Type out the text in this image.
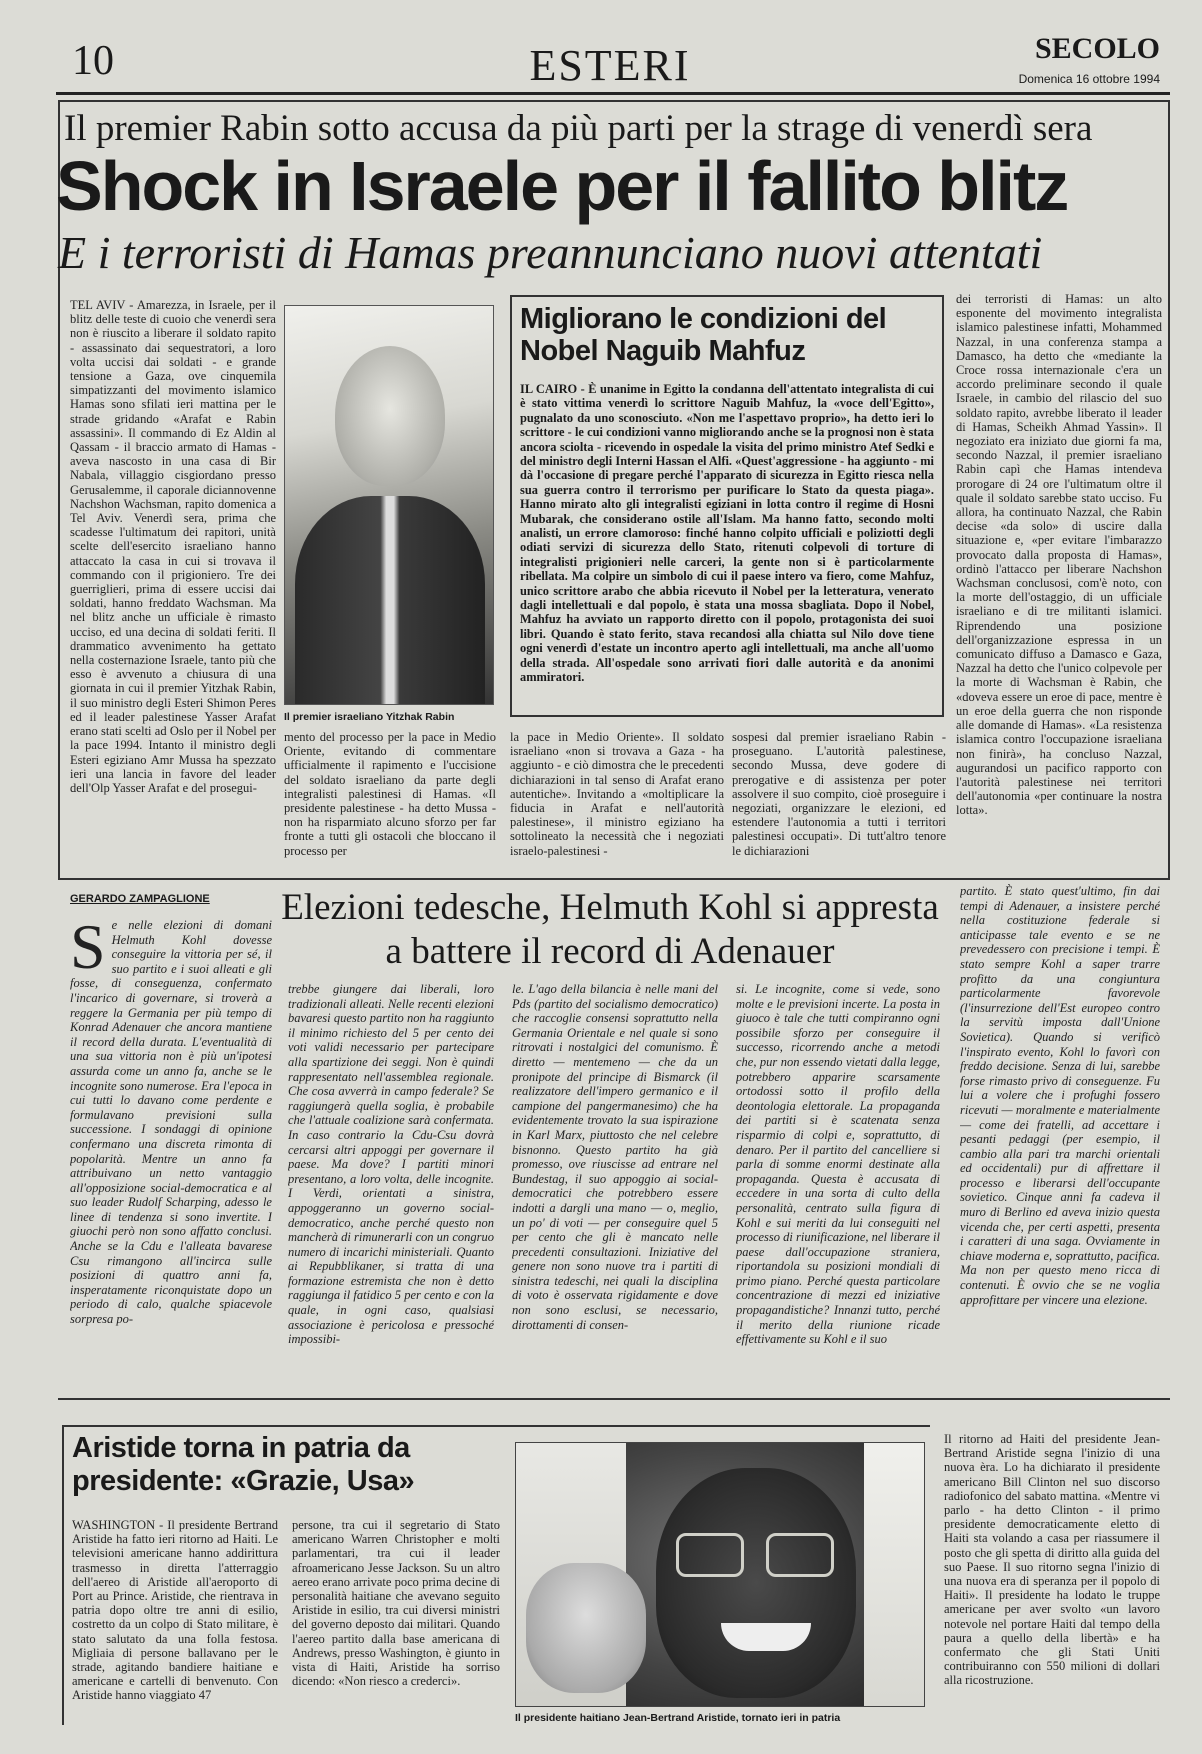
10	ESTERI	SECOLO
Domenica 16 ottobre 1994
Il premier Rabin sotto accusa da più parti per la strage di venerdì sera
Shock in Israele per il fallito blitz
E i terroristi di Hamas preannunciano nuovi attentati
TEL AVIV - Amarezza, in Israele, per il blitz delle teste di cuoio che venerdì sera non è riuscito a liberare il soldato rapito - assassinato dai sequestratori, a loro volta uccisi dai soldati - e grande tensione a Gaza, ove cinquemila simpatizzanti del movimento islamico Hamas sono sfilati ieri mattina per le strade gridando «Arafat e Rabin assassini». Il commando di Ez Aldin al Qassam - il braccio armato di Hamas - aveva nascosto in una casa di Bir Nabala, villaggio cisgiordano presso Gerusalemme, il caporale diciannovenne Nachshon Wachsman, rapito domenica a Tel Aviv. Venerdì sera, prima che scadesse l'ultimatum dei rapitori, unità scelte dell'esercito israeliano hanno attaccato la casa in cui si trovava il commando con il prigioniero. Tre dei guerriglieri, prima di essere uccisi dai soldati, hanno freddato Wachsman. Ma nel blitz anche un ufficiale è rimasto ucciso, ed una decina di soldati feriti. Il drammatico avvenimento ha gettato nella costernazione Israele, tanto più che esso è avvenuto a chiusura di una giornata in cui il premier Yitzhak Rabin, il suo ministro degli Esteri Shimon Peres ed il leader palestinese Yasser Arafat erano stati scelti ad Oslo per il Nobel per la pace 1994. Intanto il ministro degli Esteri egiziano Amr Mussa ha spezzato ieri una lancia in favore del leader dell'Olp Yasser Arafat e del prosegui-
Il premier israeliano Yitzhak Rabin
mento del processo per la pace in Medio Oriente, evitando di commentare ufficialmente il rapimento e l'uccisione del soldato israeliano da parte degli integralisti palestinesi di Hamas. «Il presidente palestinese - ha detto Mussa - non ha risparmiato alcuno sforzo per far fronte a tutti gli ostacoli che bloccano il processo per
la pace in Medio Oriente». Il soldato israeliano «non si trovava a Gaza - ha aggiunto - e ciò dimostra che le precedenti dichiarazioni in tal senso di Arafat erano autentiche». Invitando a «moltiplicare la fiducia in Arafat e nell'autorità palestinese», il ministro egiziano ha sottolineato la necessità che i negoziati israelo-palestinesi -
sospesi dal premier israeliano Rabin - proseguano. L'autorità palestinese, secondo Mussa, deve godere di prerogative e di assistenza per poter assolvere il suo compito, cioè proseguire i negoziati, organizzare le elezioni, ed estendere l'autonomia a tutti i territori palestinesi occupati». Di tutt'altro tenore le dichiarazioni
dei terroristi di Hamas: un alto esponente del movimento integralista islamico palestinese infatti, Mohammed Nazzal, in una conferenza stampa a Damasco, ha detto che «mediante la Croce rossa internazionale c'era un accordo preliminare secondo il quale Israele, in cambio del rilascio del suo soldato rapito, avrebbe liberato il leader di Hamas, Scheikh Ahmad Yassin». Il negoziato era iniziato due giorni fa ma, secondo Nazzal, il premier israeliano Rabin capì che Hamas intendeva prorogare di 24 ore l'ultimatum oltre il quale il soldato sarebbe stato ucciso. Fu allora, ha continuato Nazzal, che Rabin decise «da solo» di uscire dalla situazione e, «per evitare l'imbarazzo provocato dalla proposta di Hamas», ordinò l'attacco per liberare Nachshon Wachsman conclusosi, com'è noto, con la morte dell'ostaggio, di un ufficiale israeliano e di tre militanti islamici. Riprendendo una posizione dell'organizzazione espressa in un comunicato diffuso a Damasco e Gaza, Nazzal ha detto che l'unico colpevole per la morte di Wachsman è Rabin, che «doveva essere un eroe di pace, mentre è un eroe della guerra che non risponde alle domande di Hamas». «La resistenza islamica contro l'occupazione israeliana non finirà», ha concluso Nazzal, augurandosi un pacifico rapporto con l'autorità palestinese nei territori dell'autonomia «per continuare la nostra lotta».
Migliorano le condizioni del Nobel Naguib Mahfuz
IL CAIRO - È unanime in Egitto la condanna dell'attentato integralista di cui è stato vittima venerdì lo scrittore Naguib Mahfuz, la «voce dell'Egitto», pugnalato da uno sconosciuto. «Non me l'aspettavo proprio», ha detto ieri lo scrittore - le cui condizioni vanno migliorando anche se la prognosi non è stata ancora sciolta - ricevendo in ospedale la visita del primo ministro Atef Sedki e del ministro degli Interni Hassan el Alfi. «Quest'aggressione - ha aggiunto - mi dà l'occasione di pregare perché l'apparato di sicurezza in Egitto riesca nella sua guerra contro il terrorismo per purificare lo Stato da questa piaga». Hanno mirato alto gli integralisti egiziani in lotta contro il regime di Hosni Mubarak, che considerano ostile all'Islam. Ma hanno fatto, secondo molti analisti, un errore clamoroso: finché hanno colpito ufficiali e poliziotti degli odiati servizi di sicurezza dello Stato, ritenuti colpevoli di torture di integralisti prigionieri nelle carceri, la gente non si è particolarmente ribellata. Ma colpire un simbolo di cui il paese intero va fiero, come Mahfuz, unico scrittore arabo che abbia ricevuto il Nobel per la letteratura, venerato dagli intellettuali e dal popolo, è stata una mossa sbagliata. Dopo il Nobel, Mahfuz ha avviato un rapporto diretto con il popolo, protagonista dei suoi libri. Quando è stato ferito, stava recandosi alla chiatta sul Nilo dove tiene ogni venerdì d'estate un incontro aperto agli intellettuali, ma anche all'uomo della strada. All'ospedale sono arrivati fiori dalle autorità e da anonimi ammiratori.
GERARDO ZAMPAGLIONE Elezioni tedesche, Helmuth Kohl si appresta a battere il record di Adenauer
Se nelle elezioni di domani Helmuth Kohl dovesse conseguire la vittoria per sé, il suo partito e i suoi alleati e gli fosse, di conseguenza, confermato l'incarico di governare, si troverà a reggere la Germania per più tempo di Konrad Adenauer che ancora mantiene il record della durata. L'eventualità di una sua vittoria non è più un'ipotesi assurda come un anno fa, anche se le incognite sono numerose. Era l'epoca in cui tutti lo davano come perdente e formulavano previsioni sulla successione. I sondaggi di opinione confermano una discreta rimonta di popolarità. Mentre un anno fa attribuivano un netto vantaggio all'opposizione social-democratica e al suo leader Rudolf Scharping, adesso le linee di tendenza si sono invertite. I giuochi però non sono affatto conclusi. Anche se la Cdu e l'alleata bavarese Csu rimangono all'incirca sulle posizioni di quattro anni fa, insperatamente riconquistate dopo un periodo di calo, qualche spiacevole sorpresa po-
trebbe giungere dai liberali, loro tradizionali alleati. Nelle recenti elezioni bavaresi questo partito non ha raggiunto il minimo richiesto del 5 per cento dei voti validi necessario per partecipare alla spartizione dei seggi. Non è quindi rappresentato nell'assemblea regionale. Che cosa avverrà in campo federale? Se raggiungerà quella soglia, è probabile che l'attuale coalizione sarà confermata. In caso contrario la Cdu-Csu dovrà cercarsi altri appoggi per governare il paese. Ma dove? I partiti minori presentano, a loro volta, delle incognite. I Verdi, orientati a sinistra, appoggeranno un governo social-democratico, anche perché questo non mancherà di rimunerarli con un congruo numero di incarichi ministeriali. Quanto ai Repubblikaner, si tratta di una formazione estremista che non è detto raggiunga il fatidico 5 per cento e con la quale, in ogni caso, qualsiasi associazione è pericolosa e pressoché impossibi-
le. L'ago della bilancia è nelle mani del Pds (partito del socialismo democratico) che raccoglie consensi soprattutto nella Germania Orientale e nel quale si sono ritrovati i nostalgici del comunismo. È diretto — mentemeno — che da un pronipote del principe di Bismarck (il realizzatore dell'impero germanico e il campione del pangermanesimo) che ha evidentemente trovato la sua ispirazione in Karl Marx, piuttosto che nel celebre bisnonno. Questo partito ha già promesso, ove riuscisse ad entrare nel Bundestag, il suo appoggio ai social-democratici che potrebbero essere indotti a dargli una mano — o, meglio, un po' di voti — per conseguire quel 5 per cento che gli è mancato nelle precedenti consultazioni. Iniziative del genere non sono nuove tra i partiti di sinistra tedeschi, nei quali la disciplina di voto è osservata rigidamente e dove non sono esclusi, se necessario, dirottamenti di consen-
si. Le incognite, come si vede, sono molte e le previsioni incerte. La posta in giuoco è tale che tutti compiranno ogni possibile sforzo per conseguire il successo, ricorrendo anche a metodi che, pur non essendo vietati dalla legge, potrebbero apparire scarsamente ortodossi sotto il profilo della deontologia elettorale. La propaganda dei partiti si è scatenata senza risparmio di colpi e, soprattutto, di denaro. Per il partito del cancelliere si parla di somme enormi destinate alla propaganda. Questa è accusata di eccedere in una sorta di culto della personalità, centrato sulla figura di Kohl e sui meriti da lui conseguiti nel processo di riunificazione, nel liberare il paese dall'occupazione straniera, riportandola su posizioni mondiali di primo piano. Perché questa particolare concentrazione di mezzi ed iniziative propagandistiche? Innanzi tutto, perché il merito della riunione ricade effettivamente su Kohl e il suo
partito. È stato quest'ultimo, fin dai tempi di Adenauer, a insistere perché nella costituzione federale si anticipasse tale evento e se ne prevedessero con precisione i tempi. È stato sempre Kohl a saper trarre profitto da una congiuntura particolarmente favorevole (l'insurrezione dell'Est europeo contro la servitù imposta dall'Unione Sovietica). Quando si verificò l'inspirato evento, Kohl lo favorì con freddo decisione. Senza di lui, sarebbe forse rimasto privo di conseguenze. Fu lui a volere che i profughi fossero ricevuti — moralmente e materialmente — come dei fratelli, ad accettare i pesanti pedaggi (per esempio, il cambio alla pari tra marchi orientali ed occidentali) pur di affrettare il processo e liberarsi dell'occupante sovietico. Cinque anni fa cadeva il muro di Berlino ed aveva inizio questa vicenda che, per certi aspetti, presenta i caratteri di una saga. Ovviamente in chiave moderna e, soprattutto, pacifica. Ma non per questo meno ricca di contenuti. È ovvio che se ne voglia approfittare per vincere una elezione.
Aristide torna in patria da presidente: «Grazie, Usa»
WASHINGTON - Il presidente Bertrand Aristide ha fatto ieri ritorno ad Haiti. Le televisioni americane hanno addirittura trasmesso in diretta l'atterraggio dell'aereo di Aristide all'aeroporto di Port au Prince. Aristide, che rientrava in patria dopo oltre tre anni di esilio, costretto da un colpo di Stato militare, è stato salutato da una folla festosa. Migliaia di persone ballavano per le strade, agitando bandiere haitiane e americane e cartelli di benvenuto. Con Aristide hanno viaggiato 47
persone, tra cui il segretario di Stato americano Warren Christopher e molti parlamentari, tra cui il leader afroamericano Jesse Jackson. Su un altro aereo erano arrivate poco prima decine di personalità haitiane che avevano seguito Aristide in esilio, tra cui diversi ministri del governo deposto dai militari. Quando l'aereo partito dalla base americana di Andrews, presso Washington, è giunto in vista di Haiti, Aristide ha sorriso dicendo: «Non riesco a crederci».
Il presidente haitiano Jean-Bertrand Aristide, tornato ieri in patria
Il ritorno ad Haiti del presidente Jean-Bertrand Aristide segna l'inizio di una nuova èra. Lo ha dichiarato il presidente americano Bill Clinton nel suo discorso radiofonico del sabato mattina. «Mentre vi parlo - ha detto Clinton - il primo presidente democraticamente eletto di Haiti sta volando a casa per riassumere il posto che gli spetta di diritto alla guida del suo Paese. Il suo ritorno segna l'inizio di una nuova era di speranza per il popolo di Haiti». Il presidente ha lodato le truppe americane per aver svolto «un lavoro notevole nel portare Haiti dal tempo della paura a quello della libertà» e ha confermato che gli Stati Uniti contribuiranno con 550 milioni di dollari alla ricostruzione.
